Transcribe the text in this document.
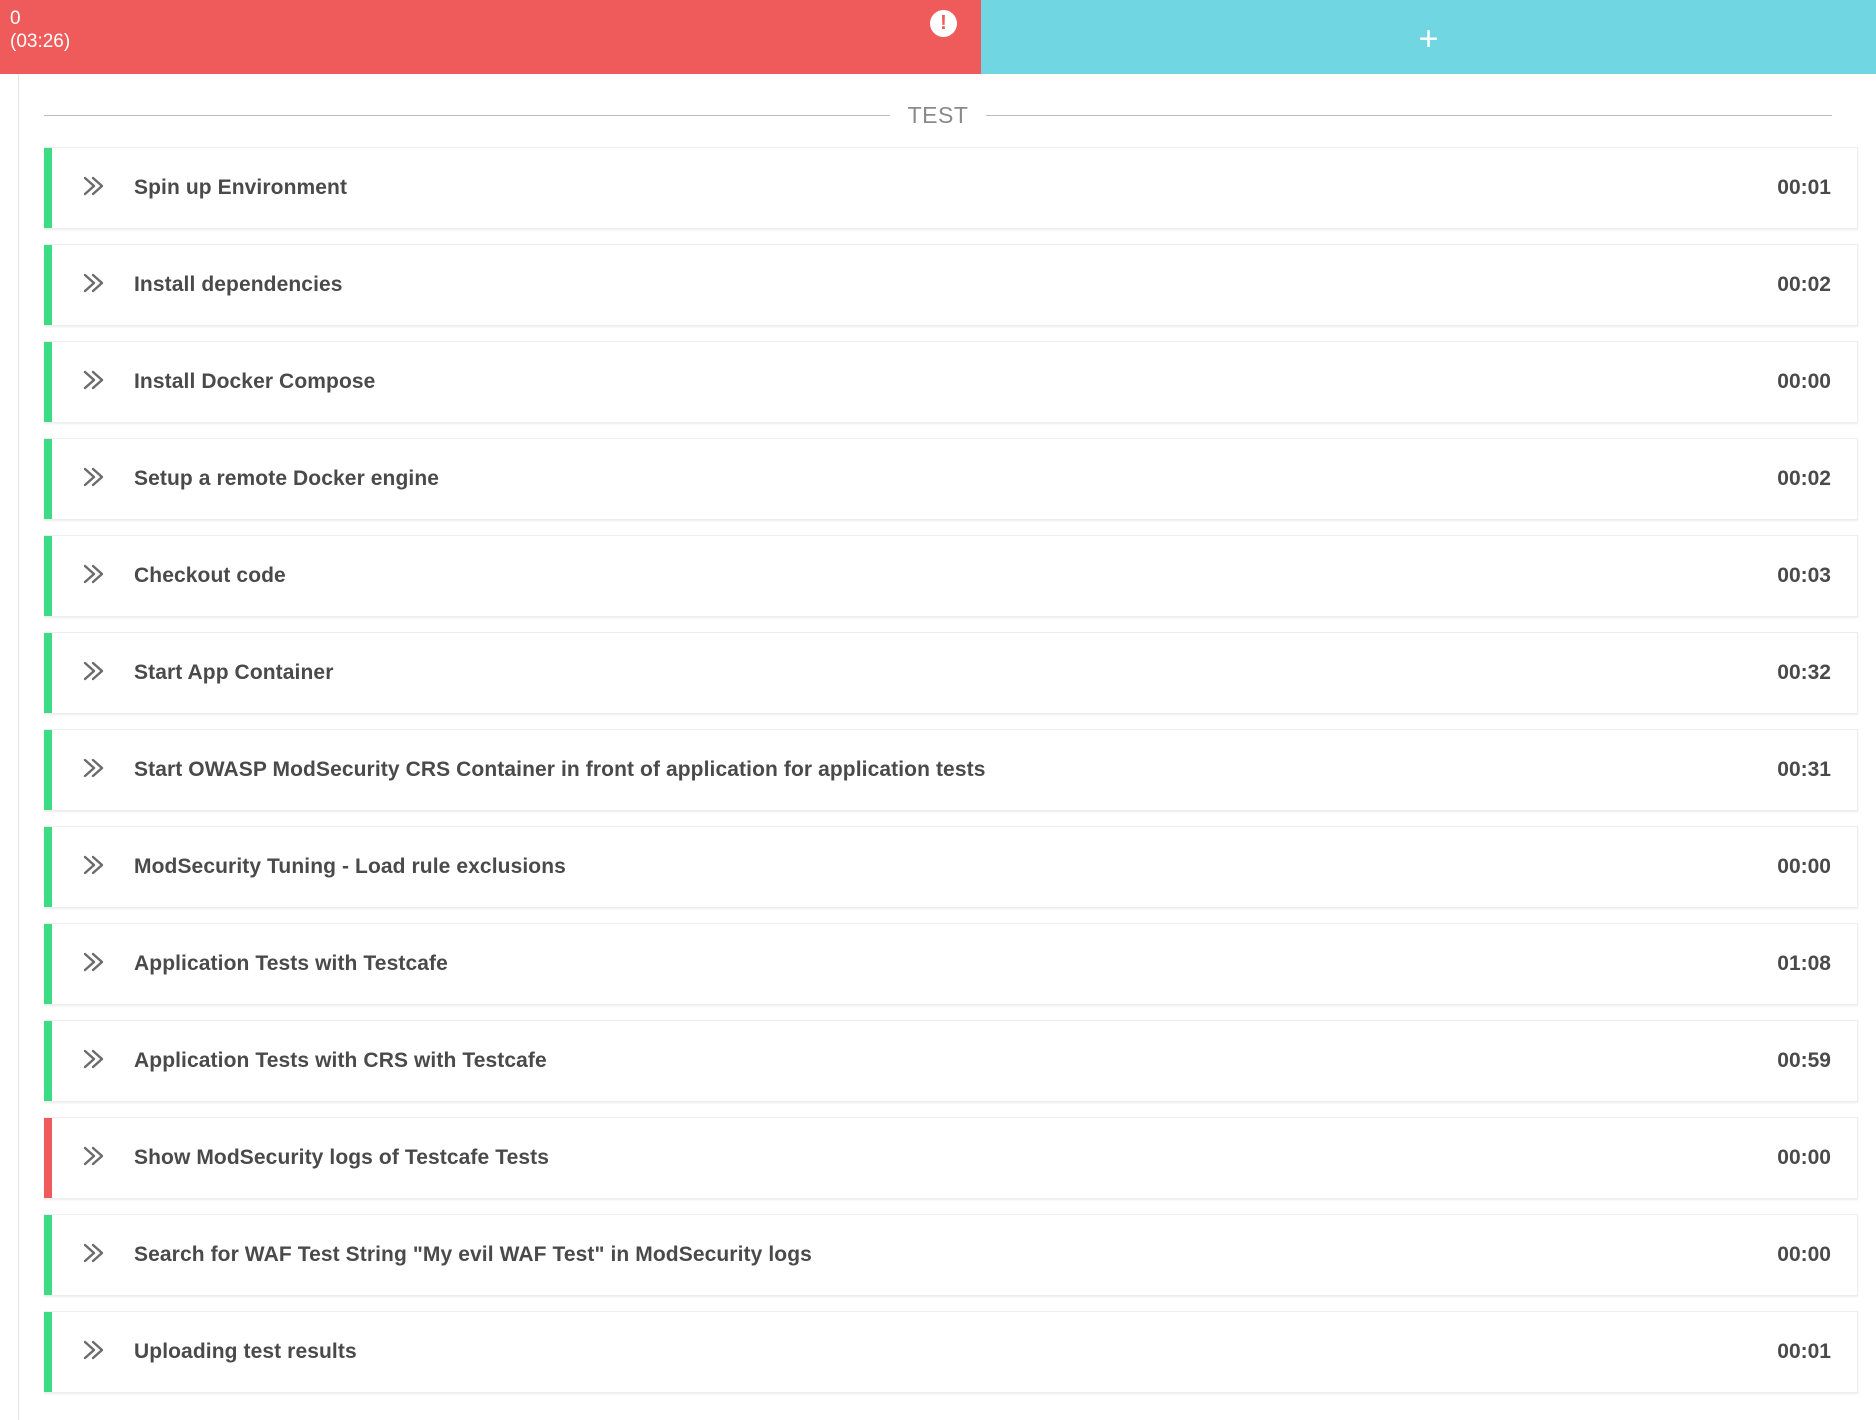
0
(03:26)
!	+
TEST
Spin up Environment	00:01
Install dependencies	00:02
Install Docker Compose	00:00
Setup a remote Docker engine	00:02
Checkout code	00:03
Start App Container	00:32
Start OWASP ModSecurity CRS Container in front of application for application tests	00:31
ModSecurity Tuning - Load rule exclusions	00:00
Application Tests with Testcafe	01:08
Application Tests with CRS with Testcafe	00:59
Show ModSecurity logs of Testcafe Tests	00:00
Search for WAF Test String "My evil WAF Test" in ModSecurity logs	00:00
Uploading test results	00:01
